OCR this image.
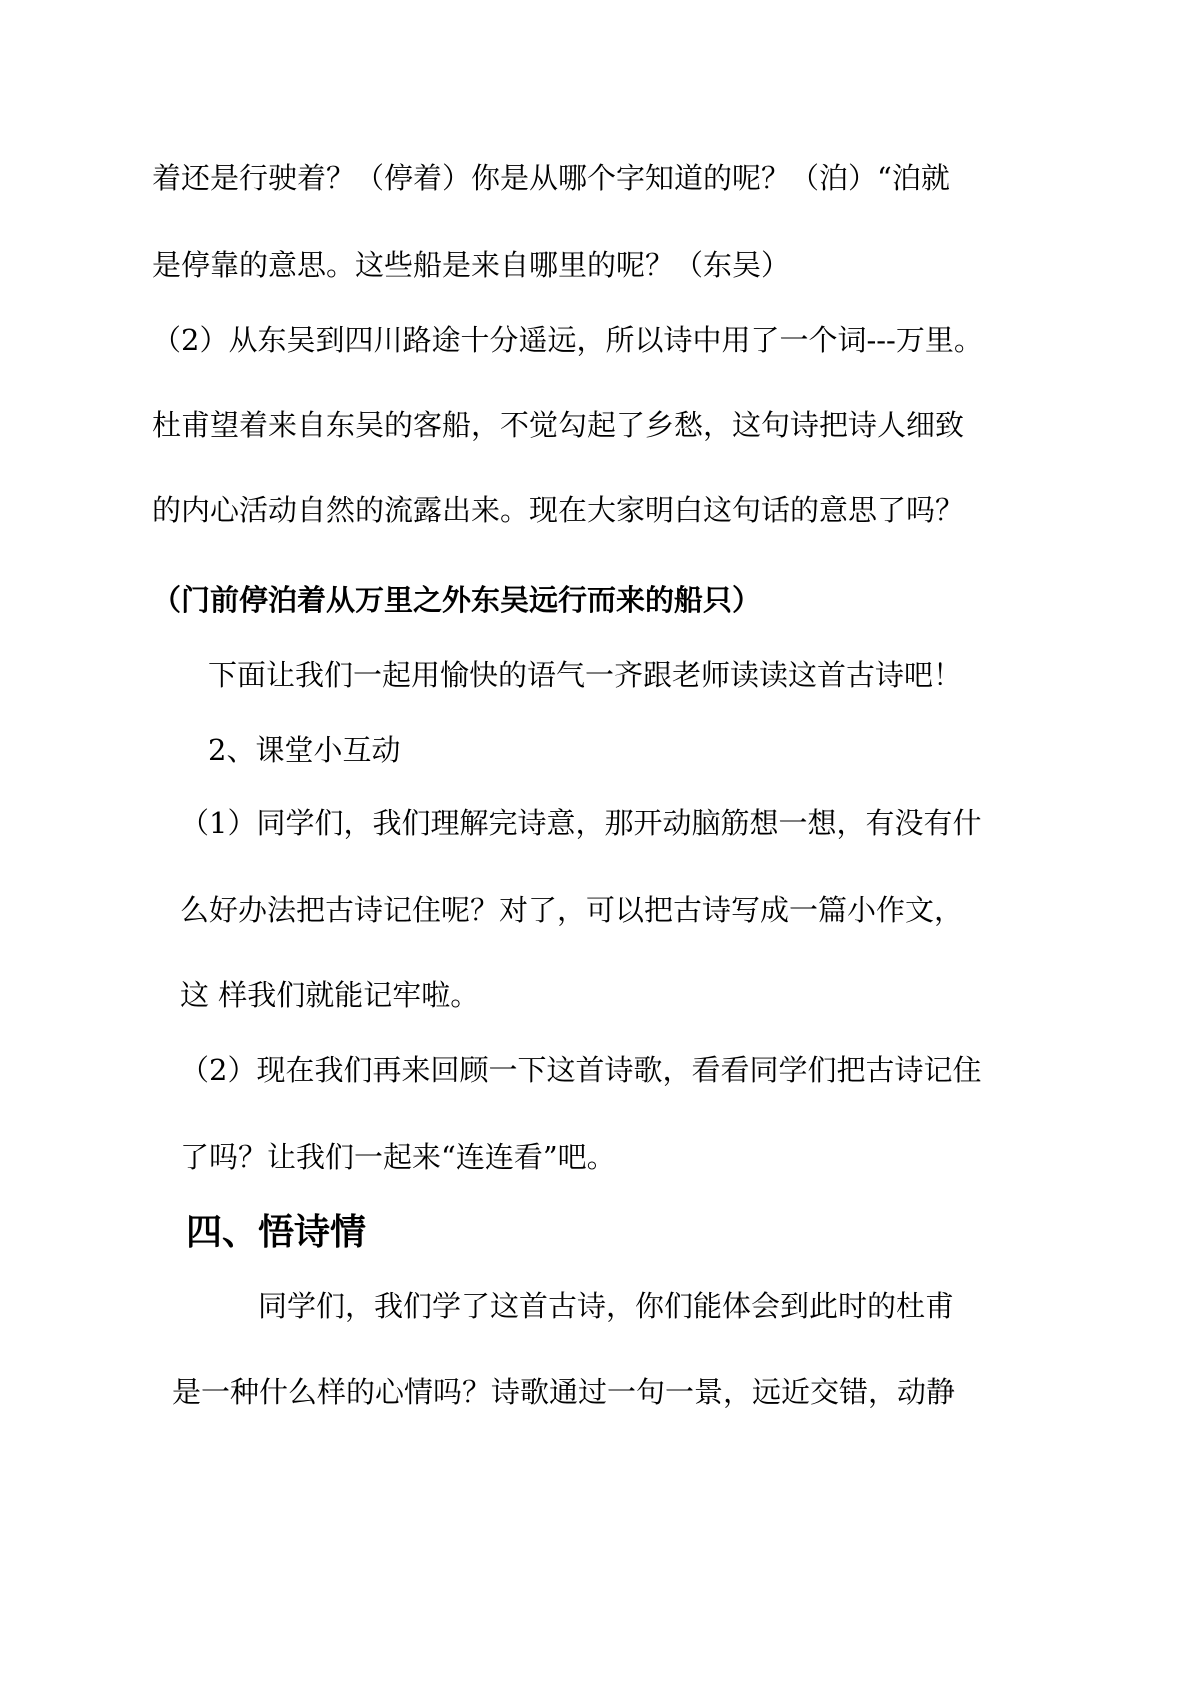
着还是行驶着？（停着）你是从哪个字知道的呢？（泊）“泊就
是停靠的意思。这些船是来自哪里的呢？（东吴）
（2）从东吴到四川路途十分遥远，所以诗中用了一个词---万里。
杜甫望着来自东吴的客船，不觉勾起了乡愁，这句诗把诗人细致
的内心活动自然的流露出来。现在大家明白这句话的意思了吗？
（门前停泊着从万里之外东吴远行而来的船只）
下面让我们一起用愉快的语气一齐跟老师读读这首古诗吧！
2、课堂小互动
（1）同学们，我们理解完诗意，那开动脑筋想一想，有没有什
么好办法把古诗记住呢？对了，可以把古诗写成一篇小作文，
这 样我们就能记牢啦。
（2）现在我们再来回顾一下这首诗歌，看看同学们把古诗记住
了吗？让我们一起来“连连看”吧。
四、悟诗情
同学们，我们学了这首古诗，你们能体会到此时的杜甫
是一种什么样的心情吗？诗歌通过一句一景，远近交错，动静
